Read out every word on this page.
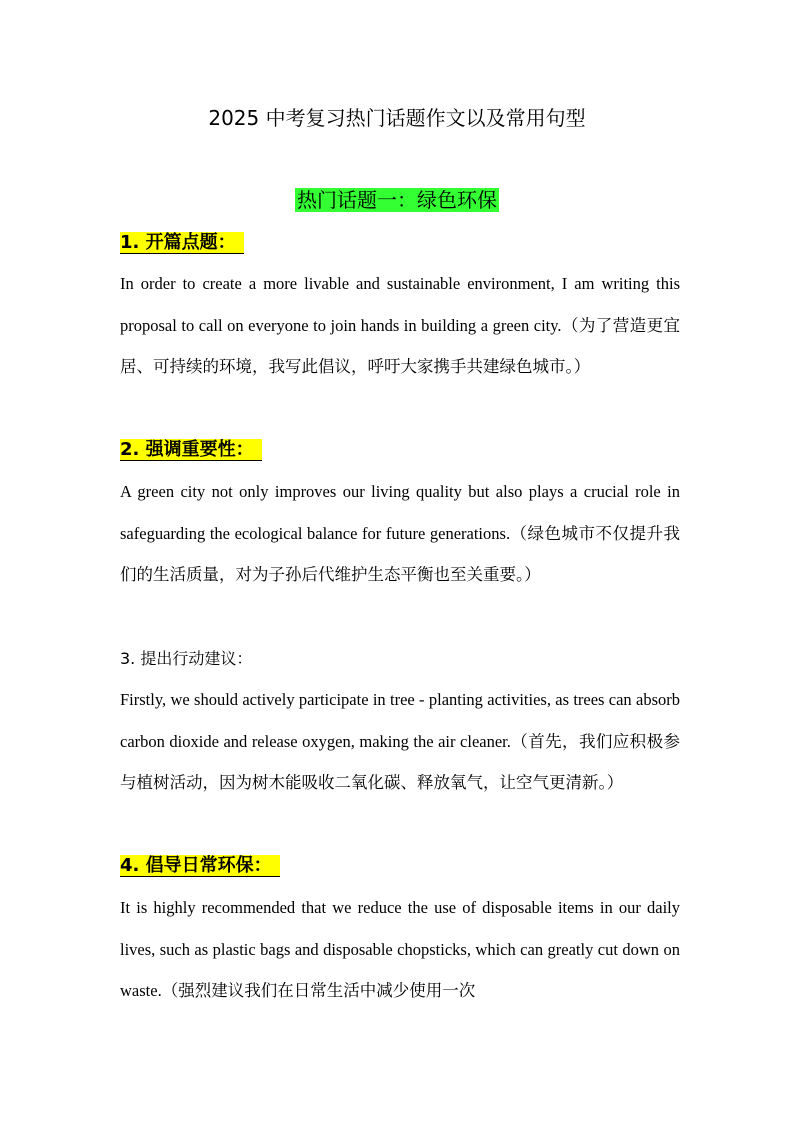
2025 中考复习热门话题作文以及常用句型
热门话题一：绿色环保
1. 开篇点题：
In order to create a more livable and sustainable environment, I am writing this proposal to call on everyone to join hands in building a green city.（为了营造更宜居、可持续的环境，我写此倡议，呼吁大家携手共建绿色城市。）
2. 强调重要性：
A green city not only improves our living quality but also plays a crucial role in safeguarding the ecological balance for future generations.（绿色城市不仅提升我们的生活质量，对为子孙后代维护生态平衡也至关重要。）
3. 提出行动建议：
Firstly, we should actively participate in tree - planting activities, as trees can absorb carbon dioxide and release oxygen, making the air cleaner.（首先，我们应积极参与植树活动，因为树木能吸收二氧化碳、释放氧气，让空气更清新。）
4. 倡导日常环保：
It is highly recommended that we reduce the use of disposable items in our daily lives, such as plastic bags and disposable chopsticks, which can greatly cut down on waste.（强烈建议我们在日常生活中减少使用一次
